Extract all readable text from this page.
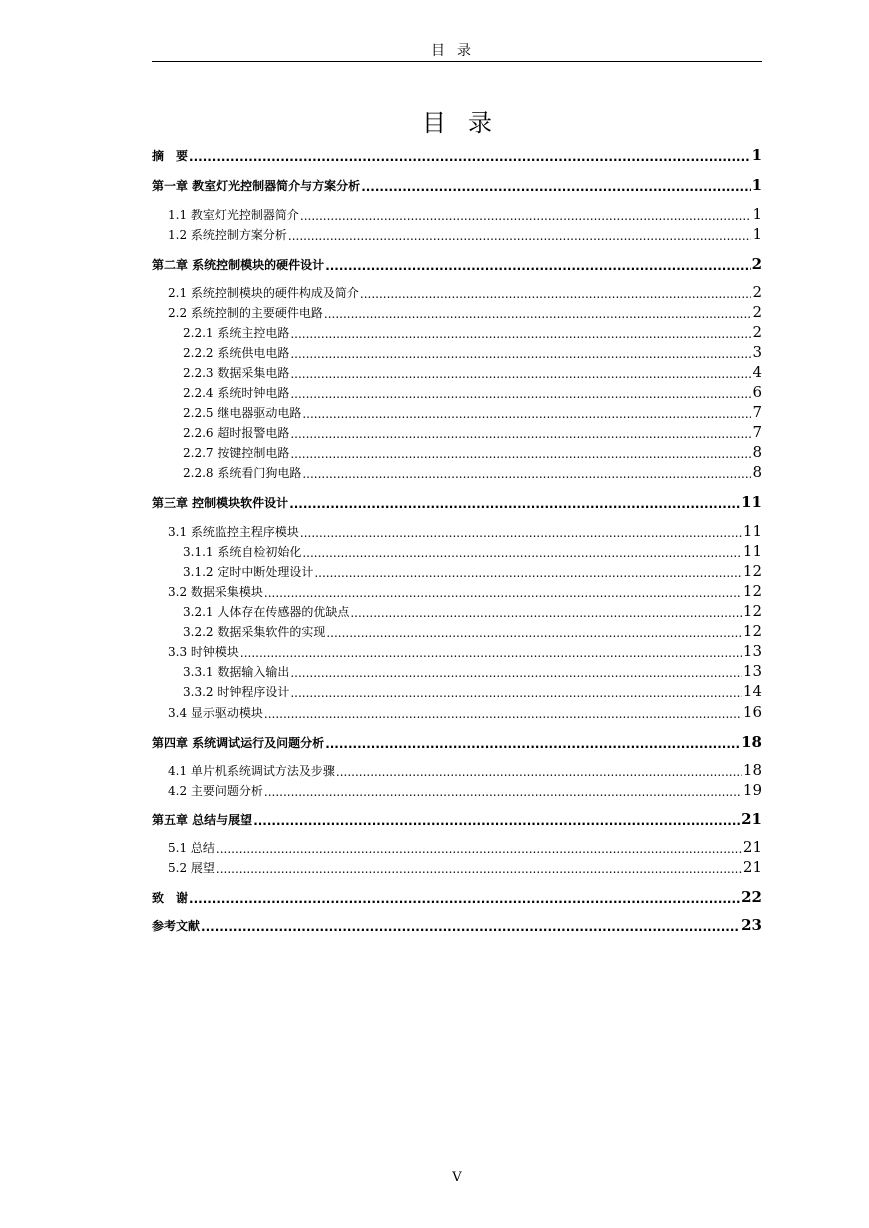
目录
目录
摘　要 .....	1
第一章 教室灯光控制器简介与方案分析 .....	1
1.1 教室灯光控制器简介 .....	1
1.2 系统控制方案分析 .....	1
第二章 系统控制模块的硬件设计 .....	2
2.1 系统控制模块的硬件构成及简介 .....	2
2.2 系统控制的主要硬件电路 .....	2
2.2.1 系统主控电路 .....	2
2.2.2 系统供电电路 .....	3
2.2.3 数据采集电路 .....	4
2.2.4 系统时钟电路 .....	6
2.2.5 继电器驱动电路 .....	7
2.2.6 超时报警电路 .....	7
2.2.7 按键控制电路 .....	8
2.2.8 系统看门狗电路 .....	8
第三章 控制模块软件设计 .....	11
3.1 系统监控主程序模块 .....	11
3.1.1 系统自检初始化 .....	11
3.1.2 定时中断处理设计 .....	12
3.2 数据采集模块 .....	12
3.2.1 人体存在传感器的优缺点 .....	12
3.2.2 数据采集软件的实现 .....	12
3.3 时钟模块 .....	13
3.3.1 数据输入输出 .....	13
3.3.2 时钟程序设计 .....	14
3.4 显示驱动模块 .....	16
第四章 系统调试运行及问题分析 .....	18
4.1 单片机系统调试方法及步骤 .....	18
4.2 主要问题分析 .....	19
第五章 总结与展望 .....	21
5.1 总结 .....	21
5.2 展望 .....	21
致　谢 .....	22
参考文献 .....	23
V
